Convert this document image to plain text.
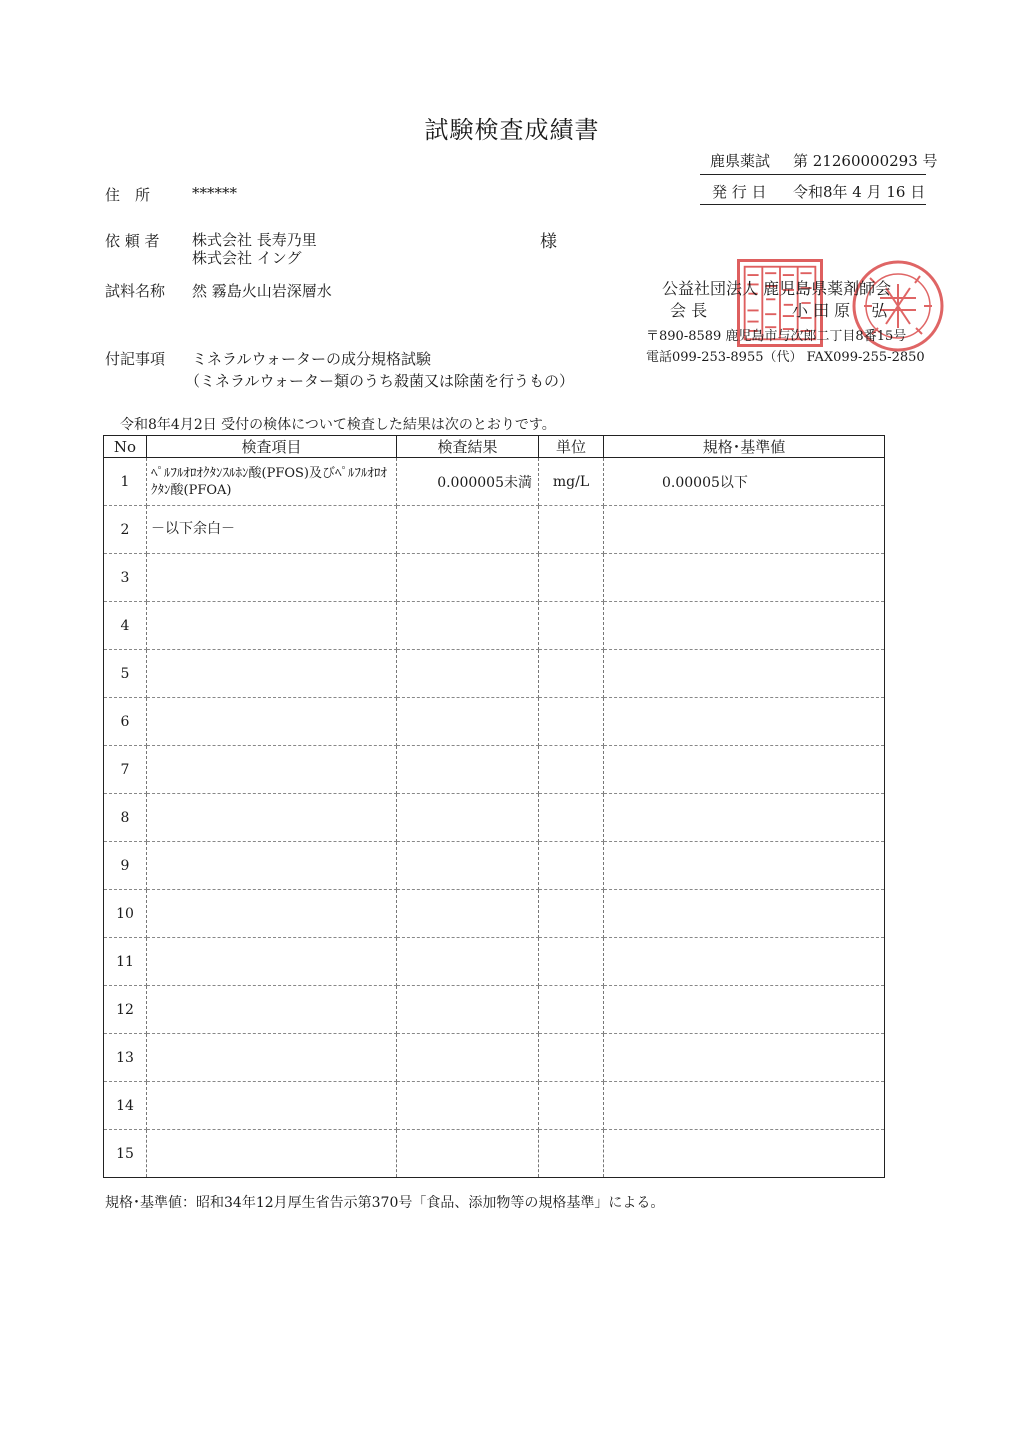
試験検査成績書
鹿県薬試 第 21260000293 号
発 行 日 令和8年 4 月 16 日
住　所	******
依 頼 者 株式会社 長寿乃里
株式会社 イング
様
試料名称 然 霧島火山岩深層水	公益社団法人 鹿児島県薬剤師会
会 長	小 田 原 　弘
〒890-8589 鹿児島市与次郎二丁目8番15号
電話099-253-8955（代） FAX099-255-2850
付記事項 ミネラルウォーターの成分規格試験
（ミネラルウォーター類のうち殺菌又は除菌を行うもの）
令和8年4月2日 受付の検体について検査した結果は次のとおりです。
No	検査項目	検査結果	単位	規格･基準値
1	ﾍﾟﾙﾌﾙｵﾛｵｸﾀﾝｽﾙﾎﾝ酸(PFOS)及びﾍﾟﾙﾌﾙｵﾛｵｸﾀﾝ酸(PFOA)	0.000005未満	mg/L	0.00005以下
2	－以下余白－			
3				
4				
5				
6				
7				
8				
9				
10				
11				
12				
13				
14				
15				
規格･基準値：昭和34年12月厚生省告示第370号「食品、添加物等の規格基準」による。
